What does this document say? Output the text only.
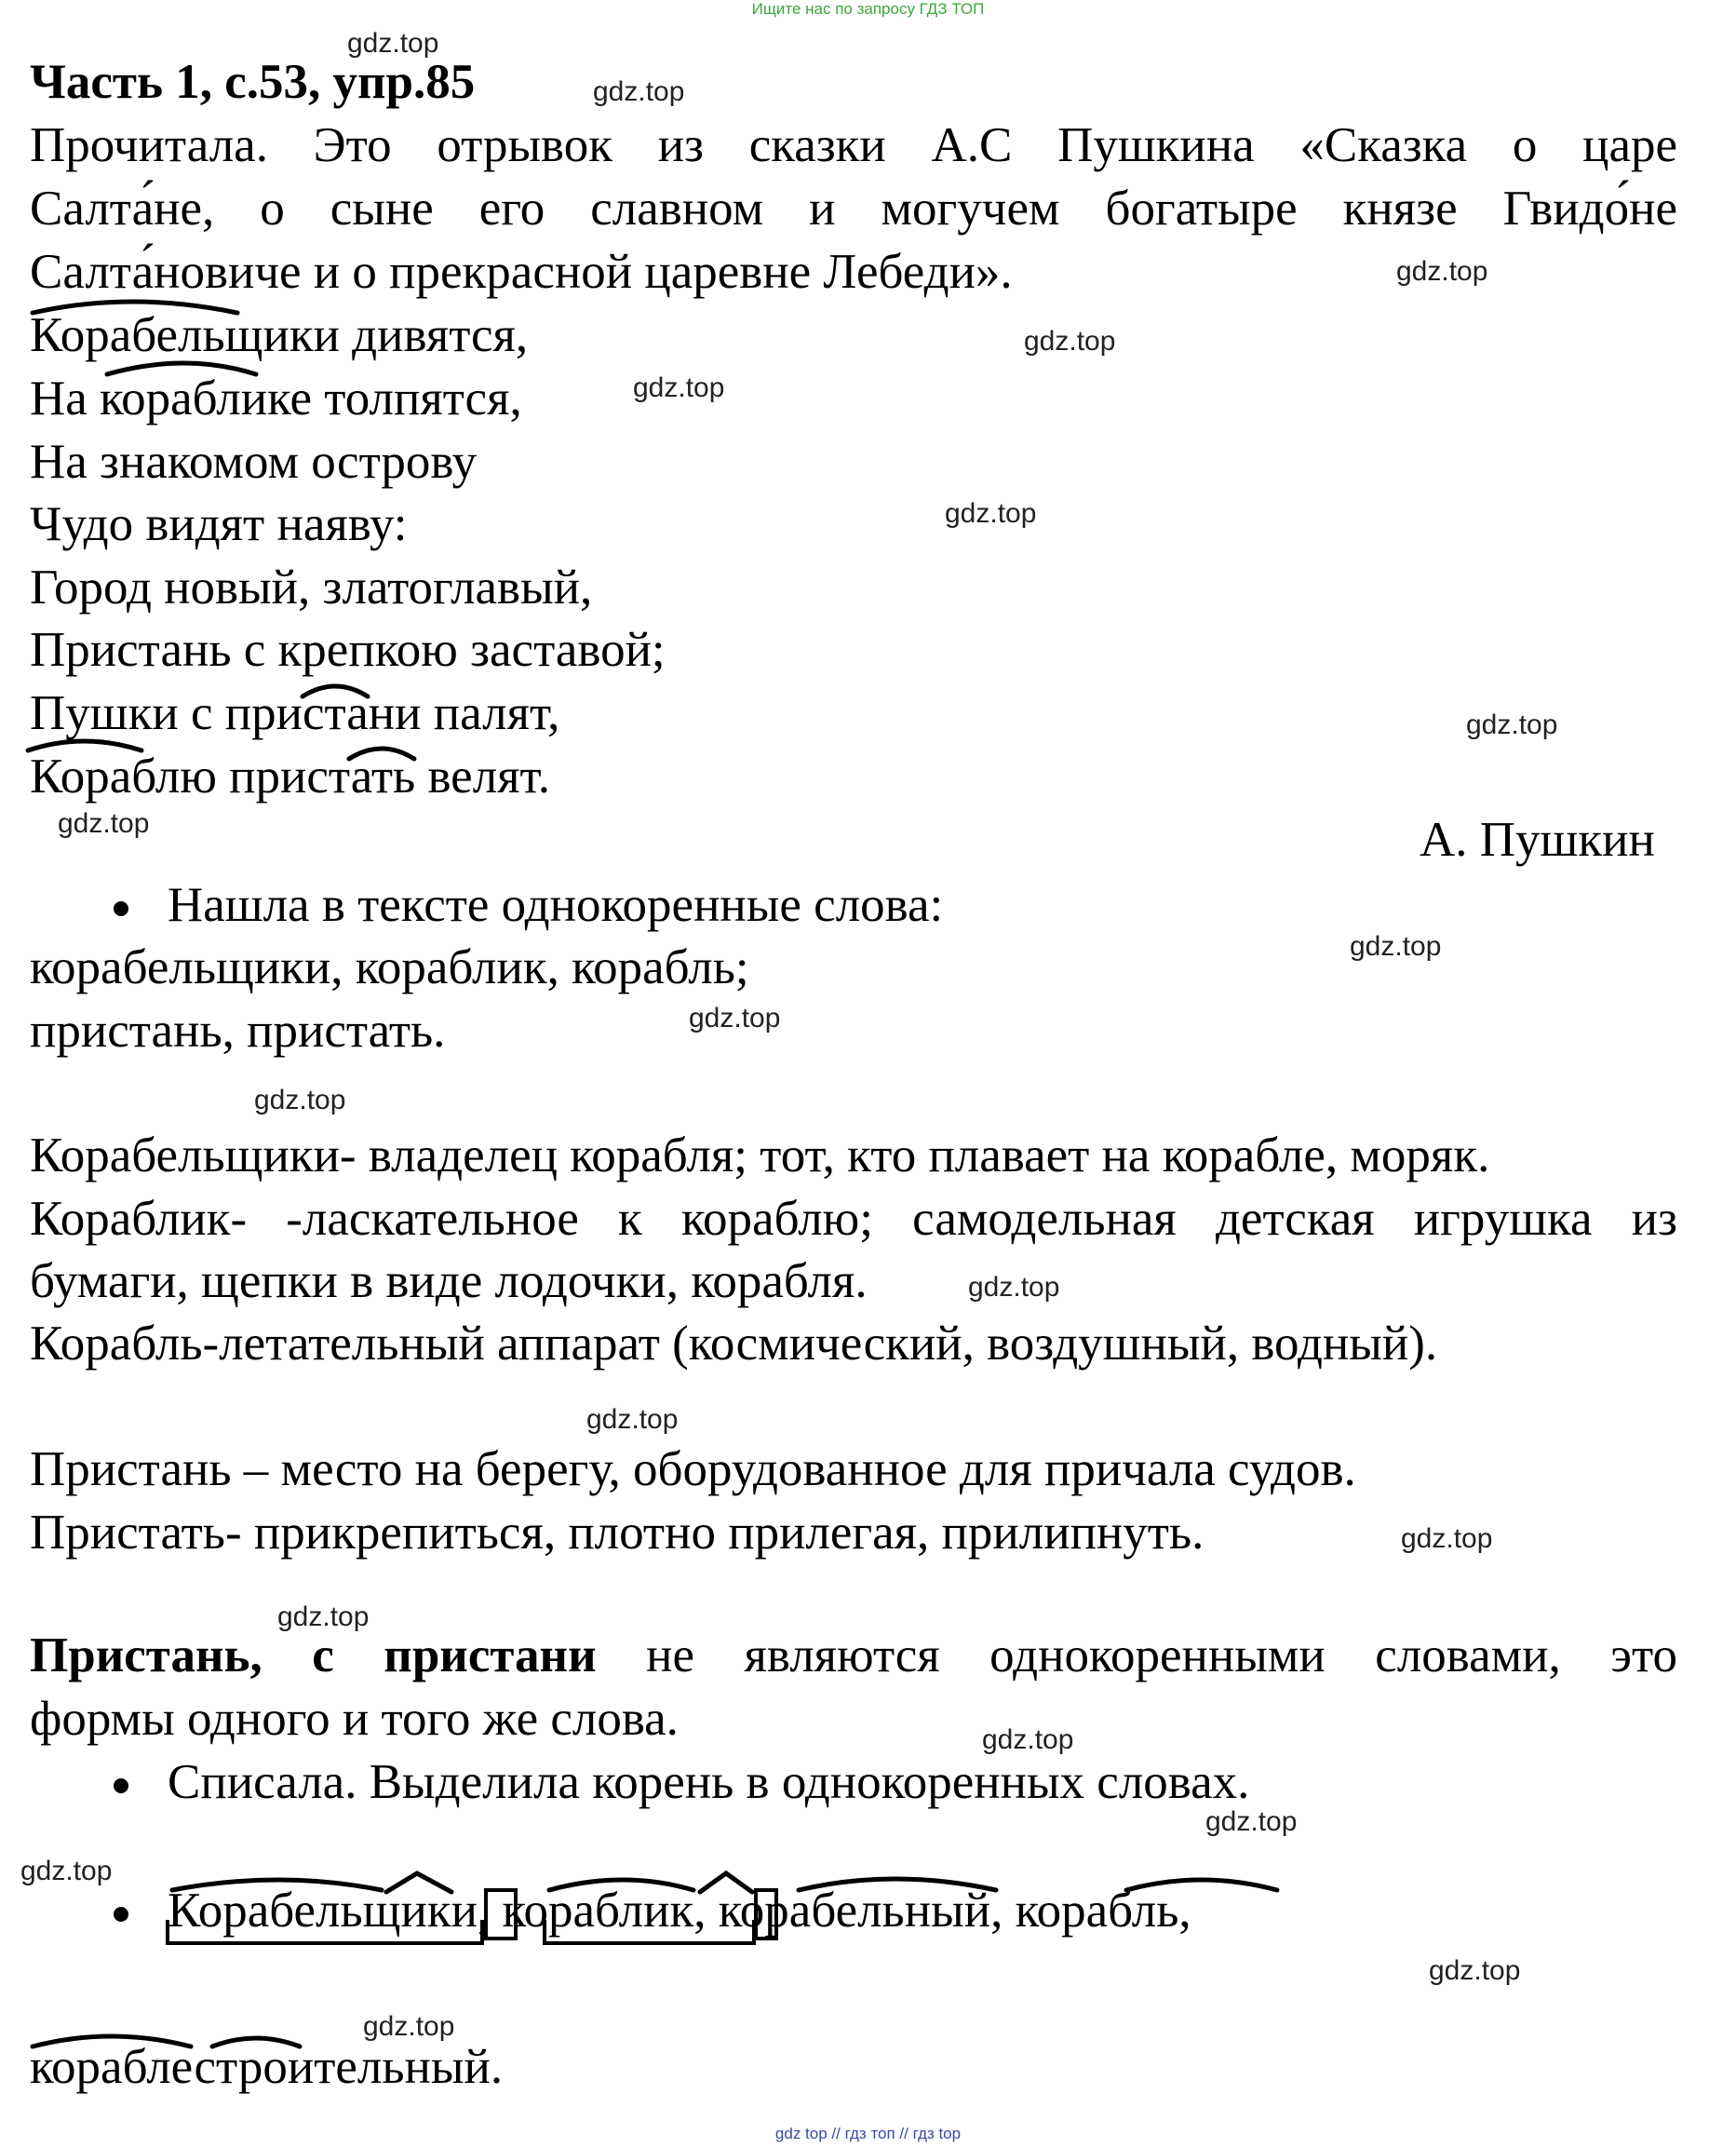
Ищите нас по запросу ГДЗ ТОП
Часть 1, с.53, упр.85
Прочитала. Это отрывок из сказки А.С Пушкина «Сказка о царе
Салта́не, о сыне его славном и могучем богатыре князе Гвидо́не
Салта́новиче и о прекрасной царевне Лебеди».
Корабельщики дивятся,
На кораблике толпятся,
На знакомом острову
Чудо видят наяву:
Город новый, златоглавый,
Пристань с крепкою заставой;
Пушки с пристани палят,
Кораблю пристать велят.
А. Пушкин
Нашла в тексте однокоренные слова:
корабельщики, кораблик, корабль;
пристань, пристать.
Корабельщики- владелец корабля; тот, кто плавает на корабле, моряк.
Кораблик- -ласкательное к кораблю; самодельная детская игрушка из
бумаги, щепки в виде лодочки, корабля.
Корабль-летательный аппарат (космический, воздушный, водный).
Пристань – место на берегу, оборудованное для причала судов.
Пристать- прикрепиться, плотно прилегая, прилипнуть.
Пристань, с пристани не являются однокоренными словами, это
формы одного и того же слова.
Списала. Выделила корень в однокоренных словах.
Корабельщики, кораблик, корабельный, корабль,
кораблестроительный.
gdz.top
gdz.top
gdz.top
gdz.top
gdz.top
gdz.top
gdz.top
gdz.top
gdz.top
gdz.top
gdz.top
gdz.top
gdz.top
gdz.top
gdz.top
gdz.top
gdz.top
gdz.top
gdz.top
gdz.top
gdz top // гдз топ // гдз top
